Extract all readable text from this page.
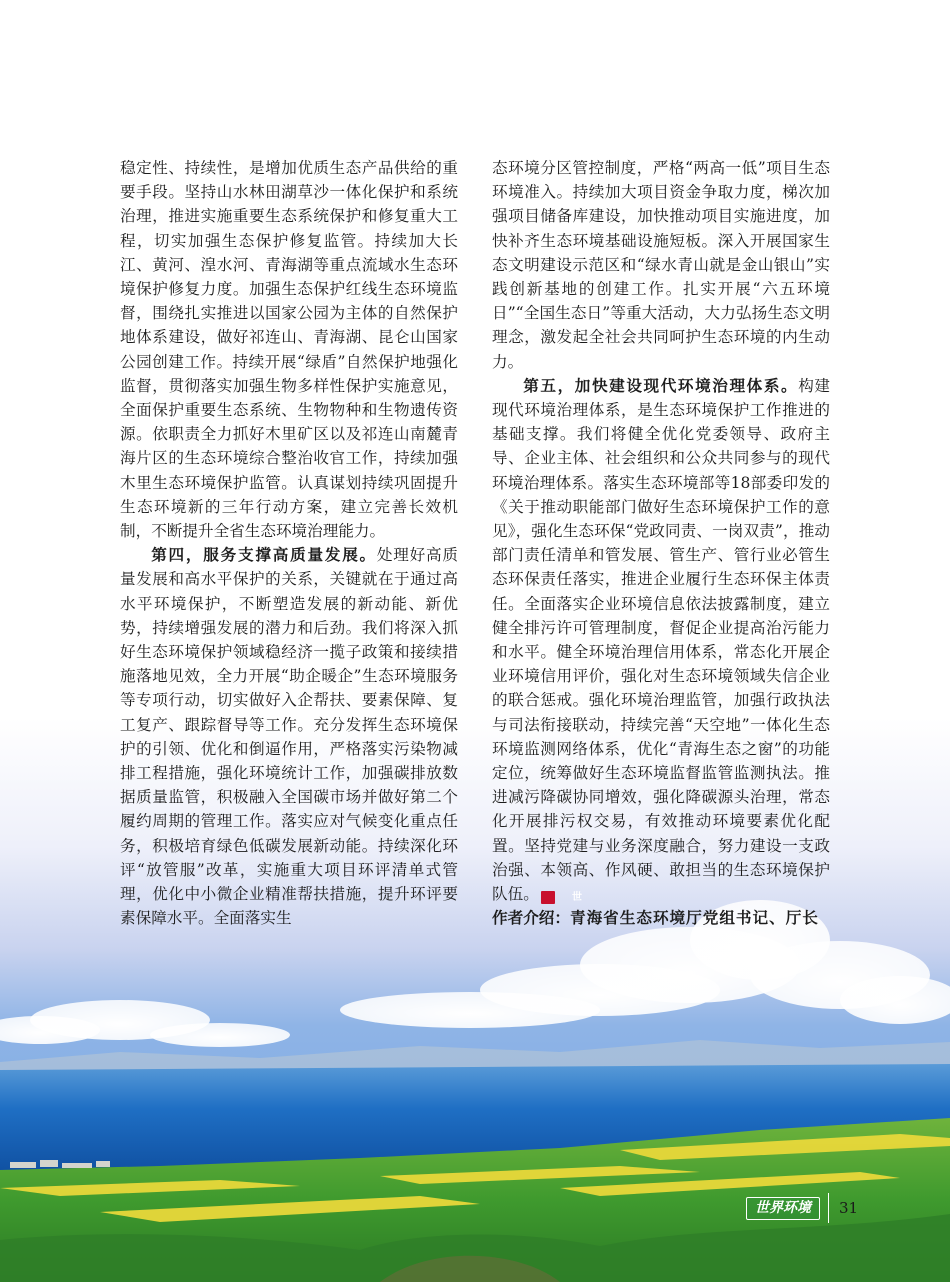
稳定性、持续性，是增加优质生态产品供给的重要手段。坚持山水林田湖草沙一体化保护和系统治理，推进实施重要生态系统保护和修复重大工程，切实加强生态保护修复监管。持续加大长江、黄河、湟水河、青海湖等重点流域水生态环境保护修复力度。加强生态保护红线生态环境监督，围绕扎实推进以国家公园为主体的自然保护地体系建设，做好祁连山、青海湖、昆仑山国家公园创建工作。持续开展“绿盾”自然保护地强化监督，贯彻落实加强生物多样性保护实施意见，全面保护重要生态系统、生物物种和生物遗传资源。依职责全力抓好木里矿区以及祁连山南麓青海片区的生态环境综合整治收官工作，持续加强木里生态环境保护监管。认真谋划持续巩固提升生态环境新的三年行动方案，建立完善长效机制，不断提升全省生态环境治理能力。

第四，服务支撑高质量发展。处理好高质量发展和高水平保护的关系，关键就在于通过高水平环境保护，不断塑造发展的新动能、新优势，持续增强发展的潜力和后劲。我们将深入抓好生态环境保护领域稳经济一揽子政策和接续措施落地见效，全力开展“助企暖企”生态环境服务等专项行动，切实做好入企帮扶、要素保障、复工复产、跟踪督导等工作。充分发挥生态环境保护的引领、优化和倒逼作用，严格落实污染物减排工程措施，强化环境统计工作，加强碳排放数据质量监管，积极融入全国碳市场并做好第二个履约周期的管理工作。落实应对气候变化重点任务，积极培育绿色低碳发展新动能。持续深化环评“放管服”改革，实施重大项目环评清单式管理，优化中小微企业精准帮扶措施，提升环评要素保障水平。全面落实生

态环境分区管控制度，严格“两高一低”项目生态环境准入。持续加大项目资金争取力度，梯次加强项目储备库建设，加快推动项目实施进度，加快补齐生态环境基础设施短板。深入开展国家生态文明建设示范区和“绿水青山就是金山银山”实践创新基地的创建工作。扎实开展“六五环境日”“全国生态日”等重大活动，大力弘扬生态文明理念，激发起全社会共同呵护生态环境的内生动力。

第五，加快建设现代环境治理体系。构建现代环境治理体系，是生态环境保护工作推进的基础支撑。我们将健全优化党委领导、政府主导、企业主体、社会组织和公众共同参与的现代环境治理体系。落实生态环境部等18部委印发的《关于推动职能部门做好生态环境保护工作的意见》，强化生态环保“党政同责、一岗双责”，推动部门责任清单和管发展、管生产、管行业必管生态环保责任落实，推进企业履行生态环保主体责任。全面落实企业环境信息依法披露制度，建立健全排污许可管理制度，督促企业提高治污能力和水平。健全环境治理信用体系，常态化开展企业环境信用评价，强化对生态环境领域失信企业的联合惩戒。强化环境治理监管，加强行政执法与司法衔接联动，持续完善“天空地”一体化生态环境监测网络体系，优化“青海生态之窗”的功能定位，统筹做好生态环境监督监管监测执法。推进减污降碳协同增效，强化降碳源头治理，常态化开展排污权交易，有效推动环境要素优化配置。坚持党建与业务深度融合，努力建设一支政治强、本领高、作风硬、敢担当的生态环境保护队伍。	世

作者介绍：青海省生态环境厅党组书记、厅长

世界环境	31
